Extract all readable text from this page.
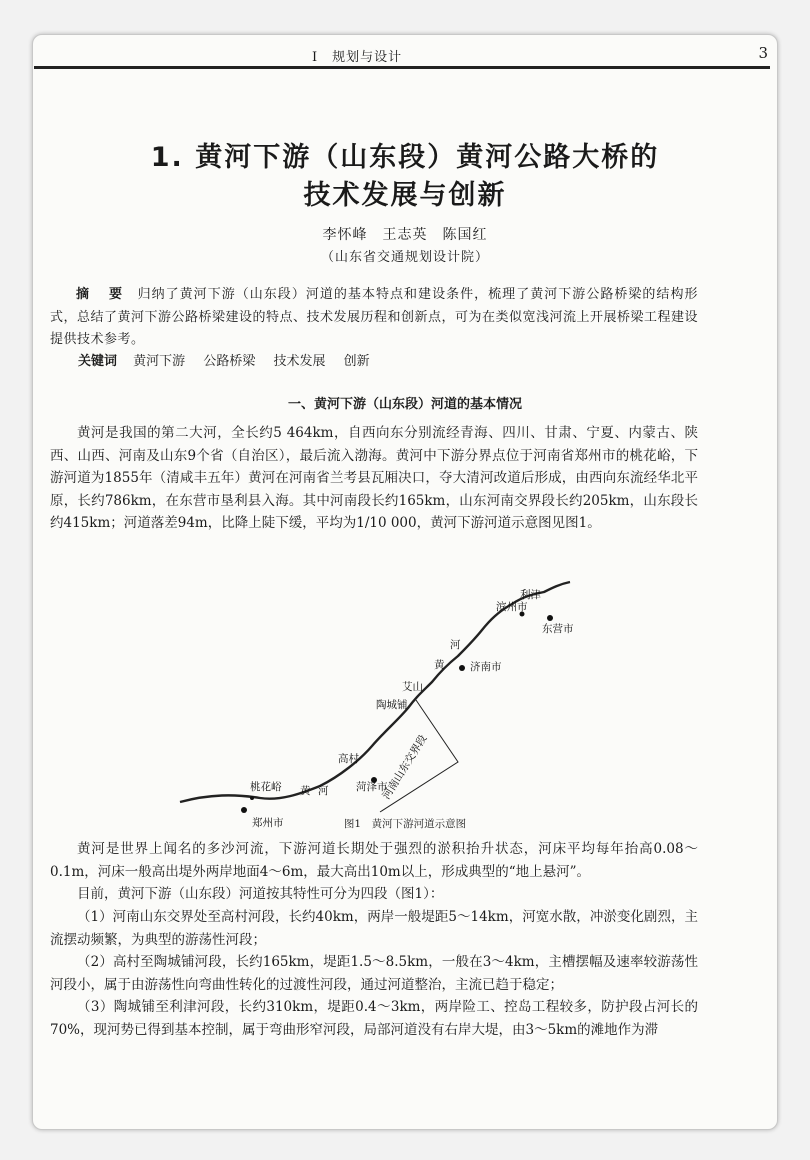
Ⅰ　规划与设计	3
1. 黄河下游（山东段）黄河公路大桥的
技术发展与创新
李怀峰　王志英　陈国红
（山东省交通规划设计院）

摘　要 归纳了黄河下游（山东段）河道的基本特点和建设条件，梳理了黄河下游公路桥梁的结构形式，总结了黄河下游公路桥梁建设的特点、技术发展历程和创新点，可为在类似宽浅河流上开展桥梁工程建设提供技术参考。

关键词 黄河下游 公路桥梁 技术发展 创新
一、黄河下游（山东段）河道的基本情况

黄河是我国的第二大河，全长约5 464km，自西向东分别流经青海、四川、甘肃、宁夏、内蒙古、陕西、山西、河南及山东9个省（自治区），最后流入渤海。黄河中下游分界点位于河南省郑州市的桃花峪，下游河道为1855年（清咸丰五年）黄河在河南省兰考县瓦厢决口，夺大清河改道后形成，由西向东流经华北平原，长约786km，在东营市垦利县入海。其中河南段长约165km，山东河南交界段长约205km，山东段长约415km；河道落差94m，比降上陡下缓，平均为1/10 000，黄河下游河道示意图见图1。

利津
滨州市
东营市
河
黄 济南市
艾山
陶城铺
高村
菏泽市
桃花峪 黄 河
郑州市
河南山东交界段
图1　黄河下游河道示意图

黄河是世界上闻名的多沙河流，下游河道长期处于强烈的淤积抬升状态，河床平均每年抬高0.08～0.1m，河床一般高出堤外两岸地面4～6m，最大高出10m以上，形成典型的“地上悬河”。

目前，黄河下游（山东段）河道按其特性可分为四段（图1）：

（1）河南山东交界处至高村河段，长约40km，两岸一般堤距5～14km，河宽水散，冲淤变化剧烈，主流摆动频繁，为典型的游荡性河段；

（2）高村至陶城铺河段，长约165km，堤距1.5～8.5km，一般在3～4km，主槽摆幅及速率较游荡性河段小，属于由游荡性向弯曲性转化的过渡性河段，通过河道整治，主流已趋于稳定；

（3）陶城铺至利津河段，长约310km，堤距0.4～3km，两岸险工、控岛工程较多，防护段占河长的70%，现河势已得到基本控制，属于弯曲形窄河段，局部河道没有右岸大堤，由3～5km的滩地作为滞
